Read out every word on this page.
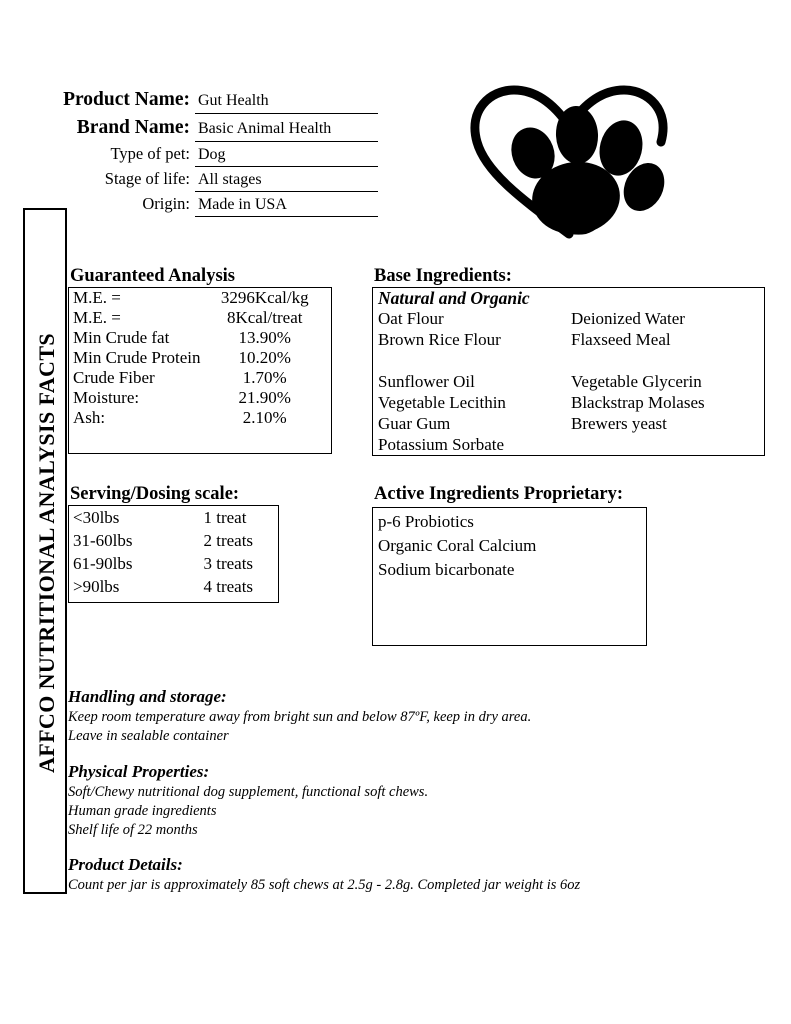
Product Name: Gut Health
Brand Name: Basic Animal Health
Type of pet: Dog
Stage of life: All stages
Origin: Made in USA
AFFCO NUTRITIONAL ANALYSIS FACTS
Guaranteed Analysis
M.E. =	3296Kcal/kg
M.E. =	8Kcal/treat
Min Crude fat	13.90%
Min Crude Protein	10.20%
Crude Fiber	1.70%
Moisture:	21.90%
Ash:	2.10%
Base Ingredients:
Natural and Organic
Oat Flour	Deionized Water
Brown Rice Flour	Flaxseed Meal

Sunflower Oil	Vegetable Glycerin
Vegetable Lecithin	Blackstrap Molases
Guar Gum	Brewers yeast
Potassium Sorbate

Serving/Dosing scale:
<30lbs	1 treat
31-60lbs	2 treats
61-90lbs	3 treats
>90lbs	4 treats
Active Ingredients Proprietary:
p-6 Probiotics
Organic Coral Calcium
Sodium bicarbonate
Handling and storage:
Keep room temperature away from bright sun and below 87ºF, keep in dry area.
Leave in sealable container
Physical Properties:
Soft/Chewy nutritional dog supplement, functional soft chews.
Human grade ingredients
Shelf life of 22 months
Product Details:
Count per jar is approximately 85 soft chews at 2.5g - 2.8g. Completed jar weight is 6oz
